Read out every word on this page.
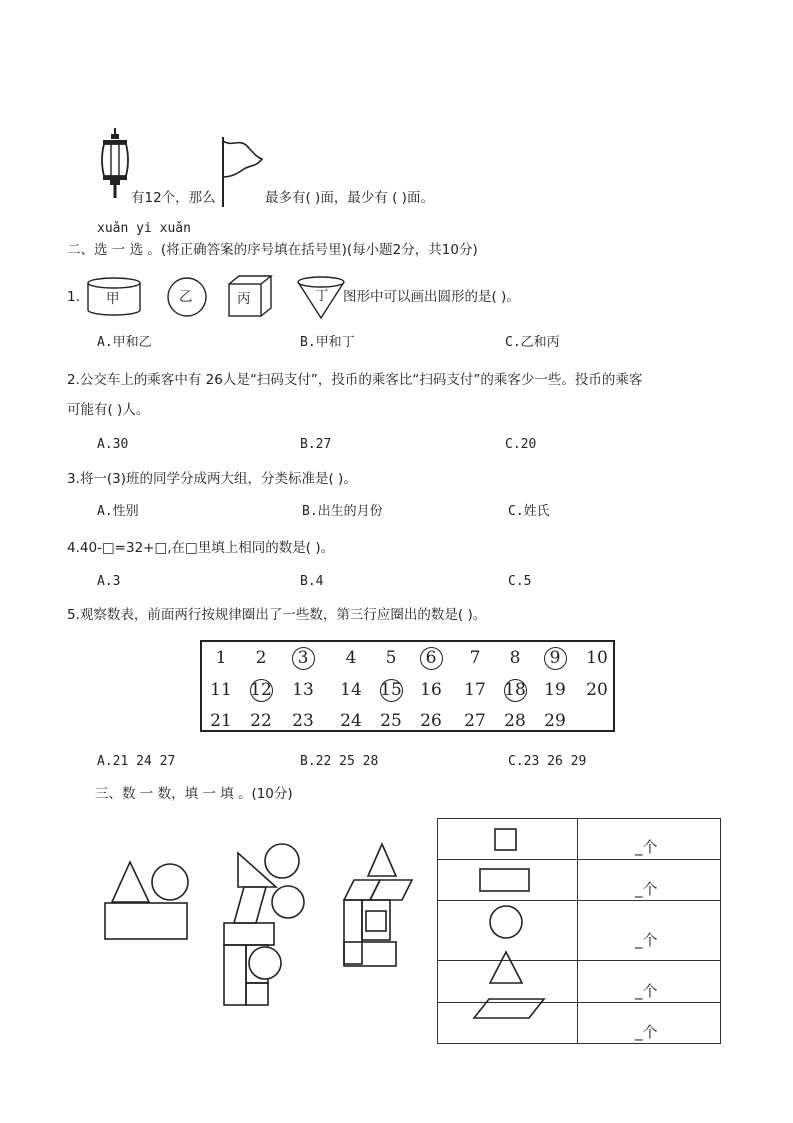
有12个，那么	最多有( )面，最少有 ( )面。
xuǎn yi xuǎn
二、选 一 选 。(将正确答案的序号填在括号里)(每小题2分，共10分)
1. 甲	乙	丙	丁 图形中可以画出圆形的是( )。
A.甲和乙	B.甲和丁	C.乙和丙
2.公交车上的乘客中有 26人是“扫码支付”，投币的乘客比“扫码支付”的乘客少一些。投币的乘客
可能有( )人。
A.30	B.27	C.20
3.将一(3)班的同学分成两大组，分类标准是( )。
A.性别	B.出生的月份	C.姓氏
4.40-□=32+□,在□里填上相同的数是( )。
A.3	B.4	C.5
5.观察数表，前面两行按规律圈出了一些数，第三行应圈出的数是( )。
1	2	3	4	5	6	7	8	9	10
11	12	13	14	15	16	17	18	19	20
21	22	23	24	25	26	27	28	29
A.21 24 27	B.22 25 28	C.23 26 29
三、数 一 数，填 一 填 。(10分)
_个
_个
_个
_个
_个
